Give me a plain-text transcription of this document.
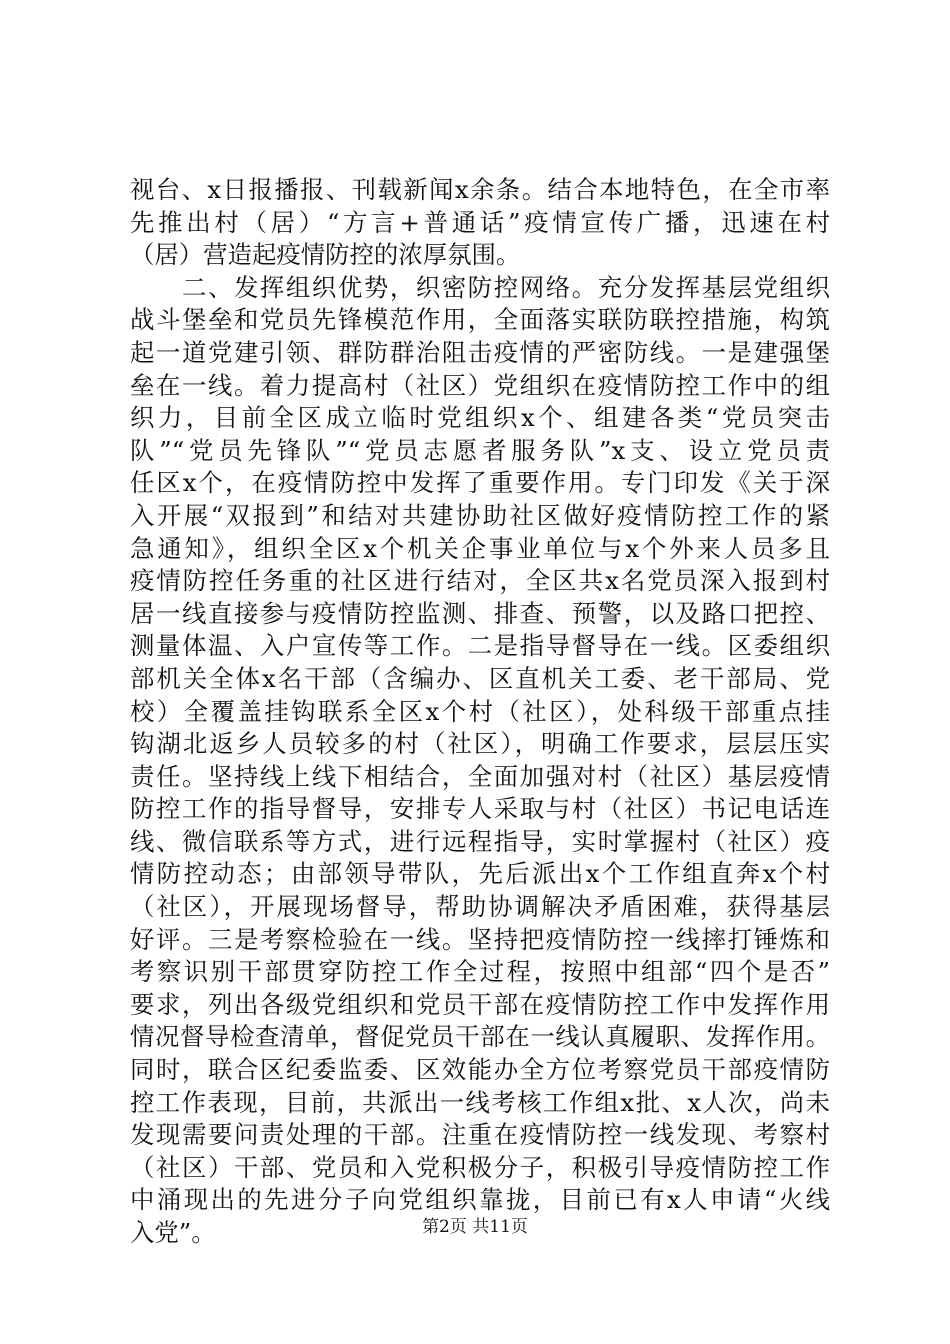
视台、x日报播报、刊载新闻x余条。结合本地特色，在全市率
先推出村（居）“方言+普通话”疫情宣传广播，迅速在村
（居）营造起疫情防控的浓厚氛围。
　　二、发挥组织优势，织密防控网络。充分发挥基层党组织
战斗堡垒和党员先锋模范作用，全面落实联防联控措施，构筑
起一道党建引领、群防群治阻击疫情的严密防线。一是建强堡
垒在一线。着力提高村（社区）党组织在疫情防控工作中的组
织力，目前全区成立临时党组织x个、组建各类“党员突击
队”“党员先锋队”“党员志愿者服务队”x支、设立党员责
任区x个，在疫情防控中发挥了重要作用。专门印发《关于深
入开展“双报到”和结对共建协助社区做好疫情防控工作的紧
急通知》，组织全区x个机关企事业单位与x个外来人员多且
疫情防控任务重的社区进行结对，全区共x名党员深入报到村
居一线直接参与疫情防控监测、排查、预警，以及路口把控、
测量体温、入户宣传等工作。二是指导督导在一线。区委组织
部机关全体x名干部（含编办、区直机关工委、老干部局、党
校）全覆盖挂钩联系全区x个村（社区），处科级干部重点挂
钩湖北返乡人员较多的村（社区），明确工作要求，层层压实
责任。坚持线上线下相结合，全面加强对村（社区）基层疫情
防控工作的指导督导，安排专人采取与村（社区）书记电话连
线、微信联系等方式，进行远程指导，实时掌握村（社区）疫
情防控动态；由部领导带队，先后派出x个工作组直奔x个村
（社区），开展现场督导，帮助协调解决矛盾困难，获得基层
好评。三是考察检验在一线。坚持把疫情防控一线摔打锤炼和
考察识别干部贯穿防控工作全过程，按照中组部“四个是否”
要求，列出各级党组织和党员干部在疫情防控工作中发挥作用
情况督导检查清单，督促党员干部在一线认真履职、发挥作用。
同时，联合区纪委监委、区效能办全方位考察党员干部疫情防
控工作表现，目前，共派出一线考核工作组x批、x人次，尚未
发现需要问责处理的干部。注重在疫情防控一线发现、考察村
（社区）干部、党员和入党积极分子，积极引导疫情防控工作
中涌现出的先进分子向党组织靠拢，目前已有x人申请“火线
入党”。	第2页 共11页
